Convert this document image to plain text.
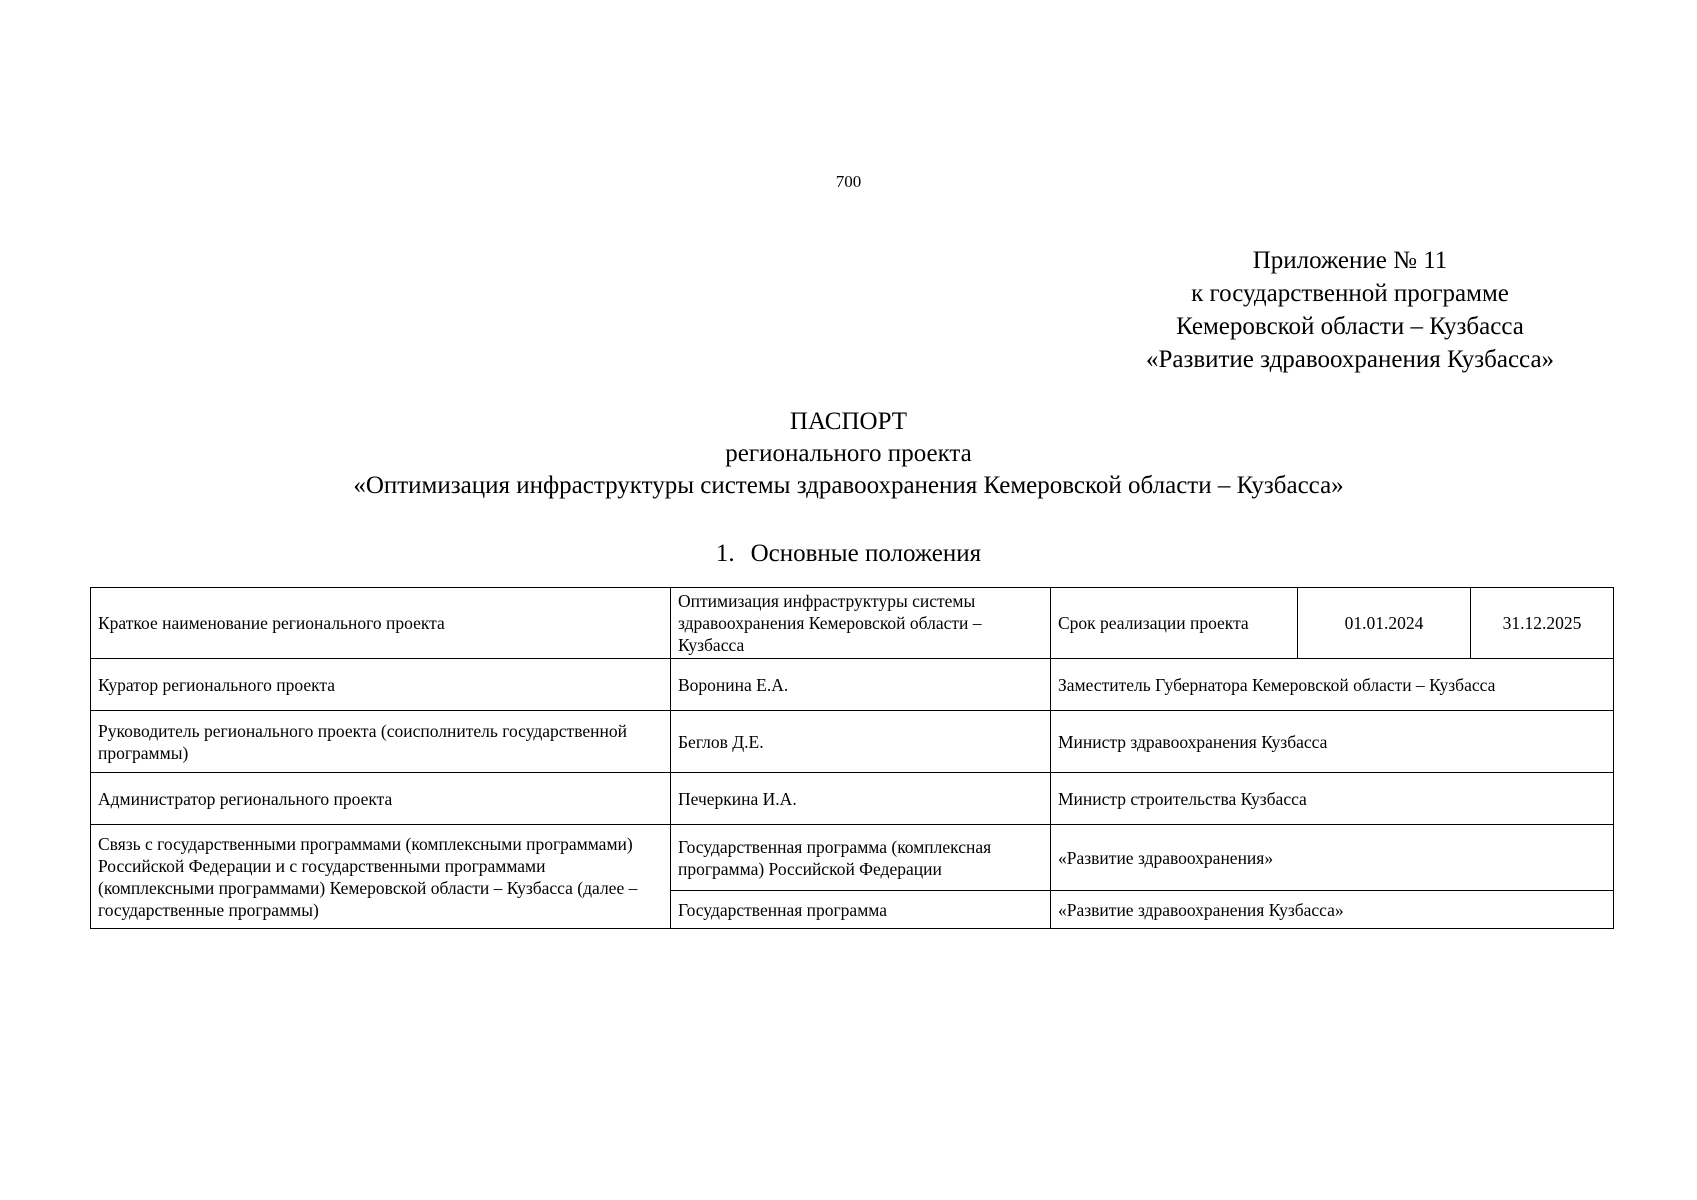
700
Приложение № 11
к государственной программе
Кемеровской области – Кузбасса
«Развитие здравоохранения Кузбасса»
ПАСПОРТ
регионального проекта
«Оптимизация инфраструктуры системы здравоохранения Кемеровской области – Кузбасса»
1. Основные положения
Краткое наименование регионального проекта	Оптимизация инфраструктуры системы здравоохранения Кемеровской области – Кузбасса	Срок реализации проекта	01.01.2024	31.12.2025
Куратор регионального проекта	Воронина Е.А.	Заместитель Губернатора Кемеровской области – Кузбасса		
Руководитель регионального проекта (соисполнитель государственной программы)	Беглов Д.Е.	Министр здравоохранения Кузбасса		
Администратор регионального проекта	Печеркина И.А.	Министр строительства Кузбасса		
Связь с государственными программами (комплексными программами) Российской Федерации и с государственными программами (комплексными программами) Кемеровской области – Кузбасса (далее – государственные программы)	Государственная программа (комплексная программа) Российской Федерации	«Развитие здравоохранения»		
	Государственная программа	«Развитие здравоохранения Кузбасса»		
